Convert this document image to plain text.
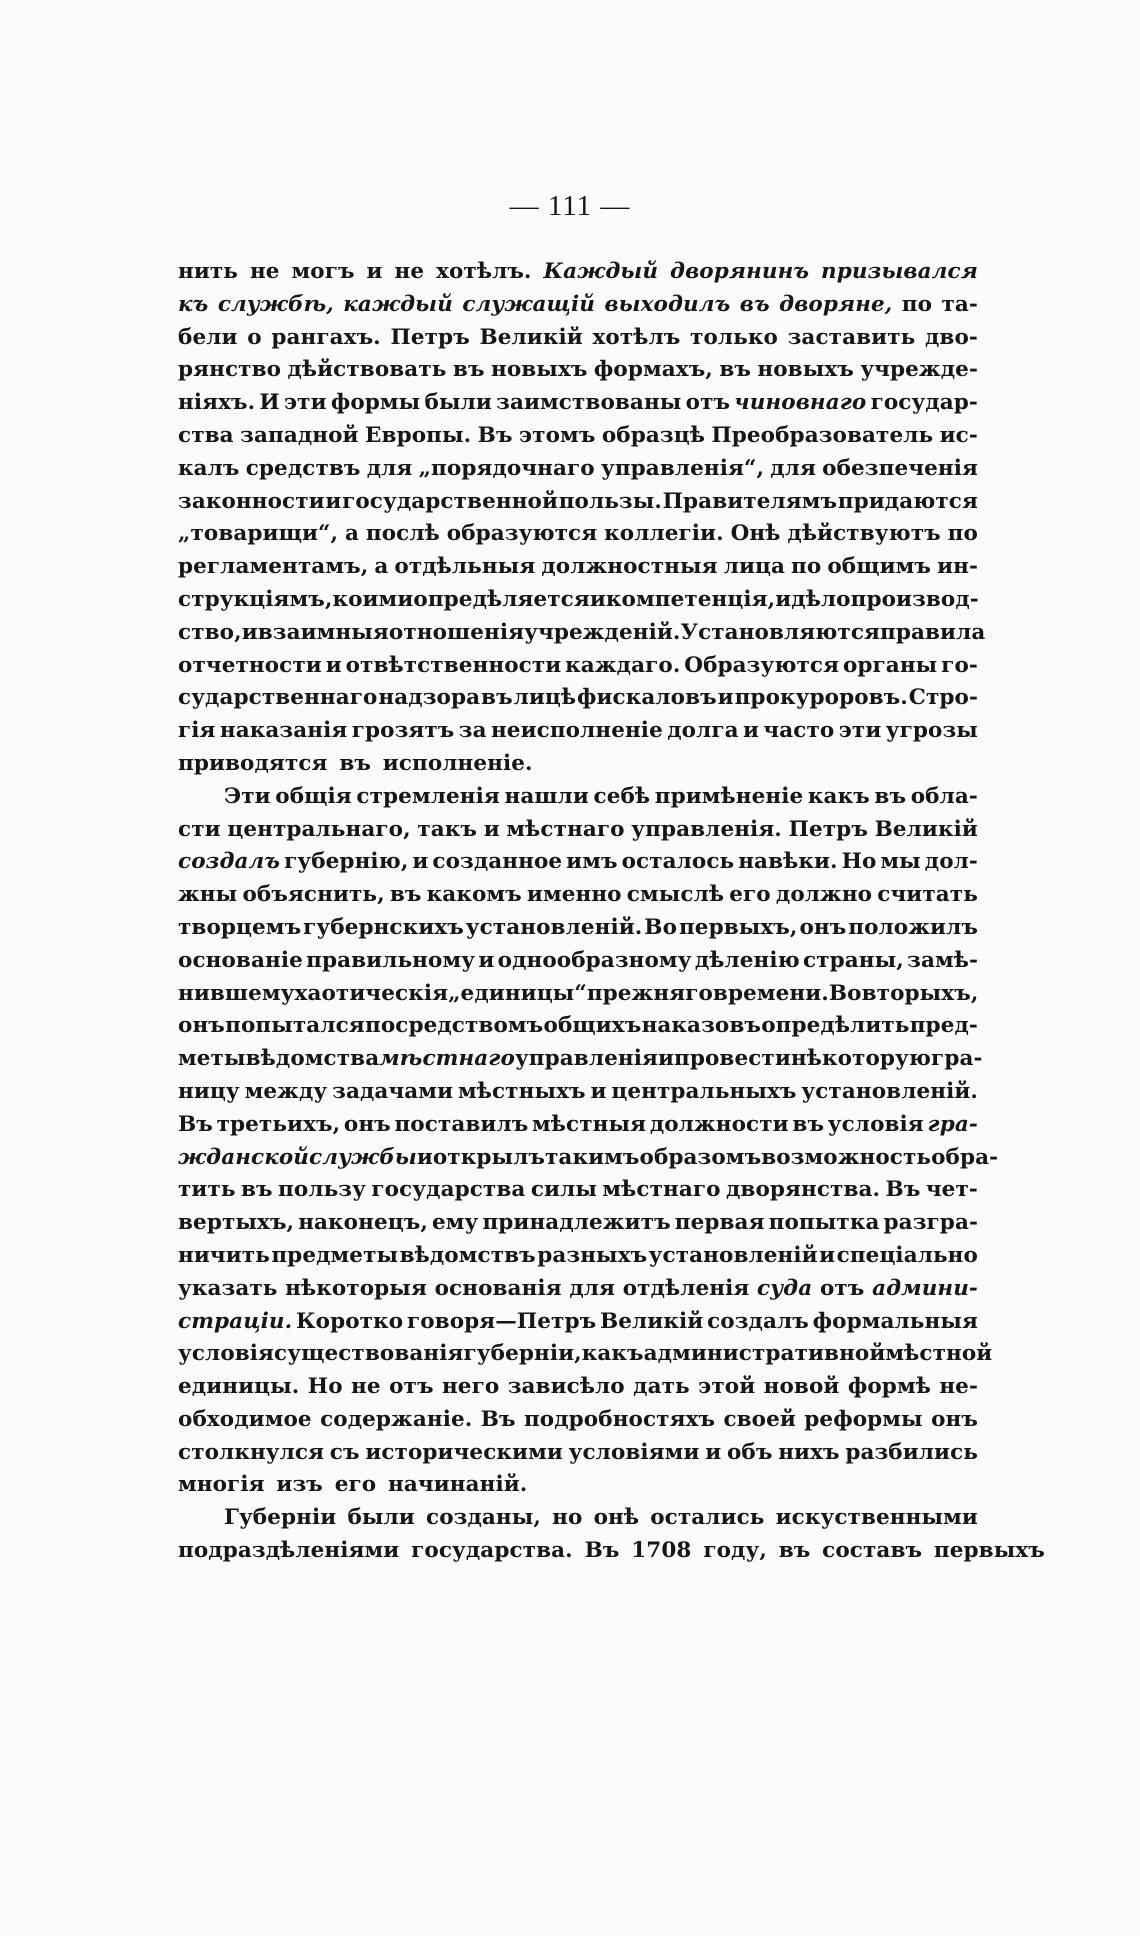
— 111 —
нить не могъ и не хотѣлъ. Каждый дворянинъ призывался
къ службѣ, каждый служащій выходилъ въ дворяне, по та-
бели о рангахъ. Петръ Великій хотѣлъ только заставить дво-
рянство дѣйствовать въ новыхъ формахъ, въ новыхъ учрежде-
ніяхъ. И эти формы были заимствованы отъ чиновнаго государ-
ства западной Европы. Въ этомъ образцѣ Преобразователь ис-
калъ средствъ для „порядочнаго управленія“, для обезпеченія
законности и государственной пользы. Правителямъ придаются
„товарищи“, а послѣ образуются коллегіи. Онѣ дѣйствуютъ по
регламентамъ, а отдѣльныя должностныя лица по общимъ ин-
струкціямъ, коими опредѣляется и компетенція, и дѣлопроизвод-
ство, и взаимныя отношенія учрежденій. Установляются правила
отчетности и отвѣтственности каждаго. Образуются органы го-
сударственнаго надзора въ лицѣ фискаловъ и прокуроровъ. Стро-
гія наказанія грозятъ за неисполненіе долга и часто эти угрозы
приводятся въ исполненіе.
Эти общія стремленія нашли себѣ примѣненіе какъ въ обла-
сти центральнаго, такъ и мѣстнаго управленія. Петръ Великій
создалъ губернію, и созданное имъ осталось навѣки. Но мы дол-
жны объяснить, въ какомъ именно смыслѣ его должно считать
творцемъ губернскихъ установленій. Во первыхъ, онъ положилъ
основаніе правильному и однообразному дѣленію страны, замѣ-
нившему хаотическія „единицы“ прежняго времени. Во вторыхъ,
онъ попытался посредствомъ общихъ наказовъ опредѣлить пред-
меты вѣдомства мѣстнаго управленія и провести нѣкоторую гра-
ницу между задачами мѣстныхъ и центральныхъ установленій.
Въ третьихъ, онъ поставилъ мѣстныя должности въ условія гра-
жданской службы и открылъ такимъ образомъ возможность обра-
тить въ пользу государства силы мѣстнаго дворянства. Въ чет-
вертыхъ, наконецъ, ему принадлежитъ первая попытка разгра-
ничить предметы вѣдомствъ разныхъ установленій и спеціально
указать нѣкоторыя основанія для отдѣленія суда отъ админи-
страціи. Коротко говоря—Петръ Великій создалъ формальныя
условія существованія губерніи, какъ административной мѣстной
единицы. Но не отъ него зависѣло дать этой новой формѣ не-
обходимое содержаніе. Въ подробностяхъ своей реформы онъ
столкнулся съ историческими условіями и объ нихъ разбились
многія изъ его начинаній.
Губерніи были созданы, но онѣ остались искуственными
подраздѣленіями государства. Въ 1708 году, въ составъ первыхъ
